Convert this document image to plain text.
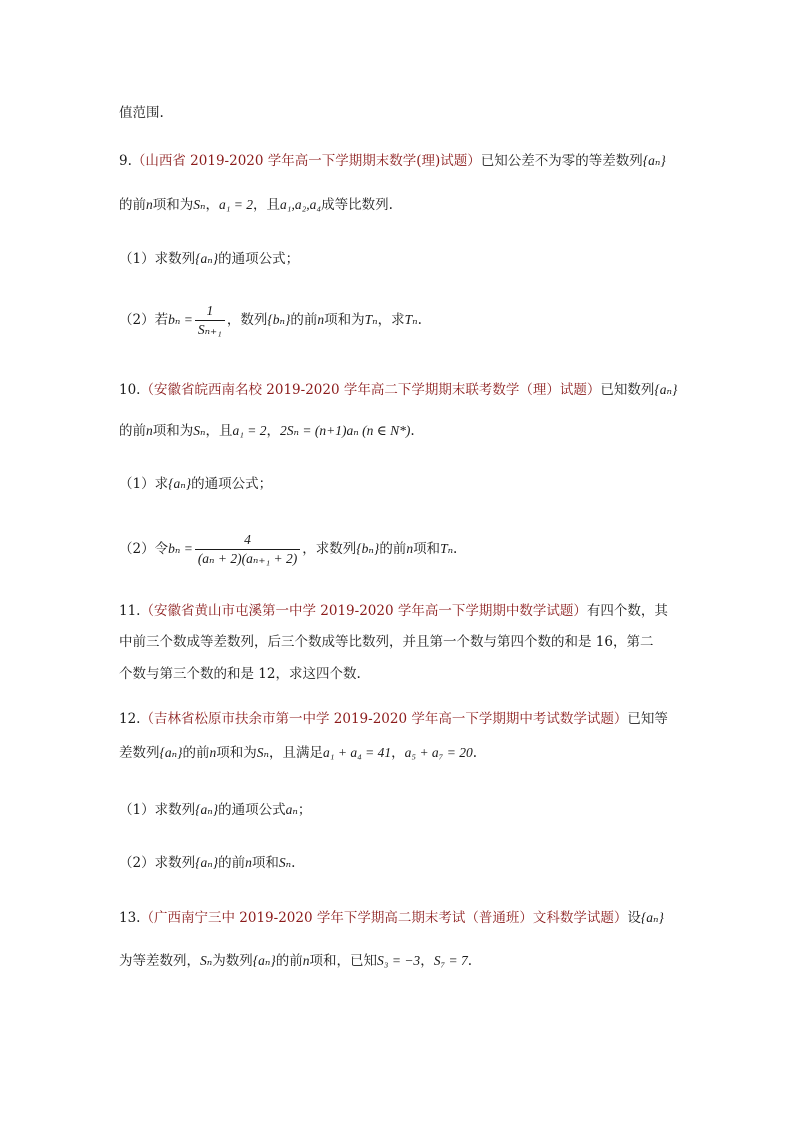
值范围.
9.（山西省 2019-2020 学年高一下学期期末数学(理)试题）已知公差不为零的等差数列{aₙ}
的前n项和为Sₙ，a₁ = 2，且a₁,a₂,a₄成等比数列.
（1）求数列{aₙ}的通项公式；
（2）若$b_n = \frac{1}{\text{Sₙ₊₁}}$ ，数列{bₙ}的前n项和为Tₙ，求Tₙ.
10.（安徽省皖西南名校 2019-2020 学年高二下学期期末联考数学（理）试题）已知数列{aₙ}
的前n项和为Sₙ，且a₁ = 2，2Sₙ = (n+1)aₙ (n ∈ N*).
（1）求{aₙ}的通项公式；
（2）令$b_n = \frac{4}{\text{(aₙ + 2)(aₙ₊₁ + 2)}}$ ，求数列{bₙ}的前n项和Tₙ.
11.（安徽省黄山市屯溪第一中学 2019-2020 学年高一下学期期中数学试题）有四个数，其
中前三个数成等差数列，后三个数成等比数列，并且第一个数与第四个数的和是 16，第二
个数与第三个数的和是 12，求这四个数.
12.（吉林省松原市扶余市第一中学 2019-2020 学年高一下学期期中考试数学试题）已知等
差数列{aₙ}的前n项和为Sₙ，且满足a₁ + a₄ = 41，a₅ + a₇ = 20.
（1）求数列{aₙ}的通项公式aₙ；
（2）求数列{aₙ}的前n项和Sₙ.
13.（广西南宁三中 2019-2020 学年下学期高二期末考试（普通班）文科数学试题）设{aₙ}
为等差数列，Sₙ为数列{aₙ}的前n项和，已知S₃ = −3，S₇ = 7.
